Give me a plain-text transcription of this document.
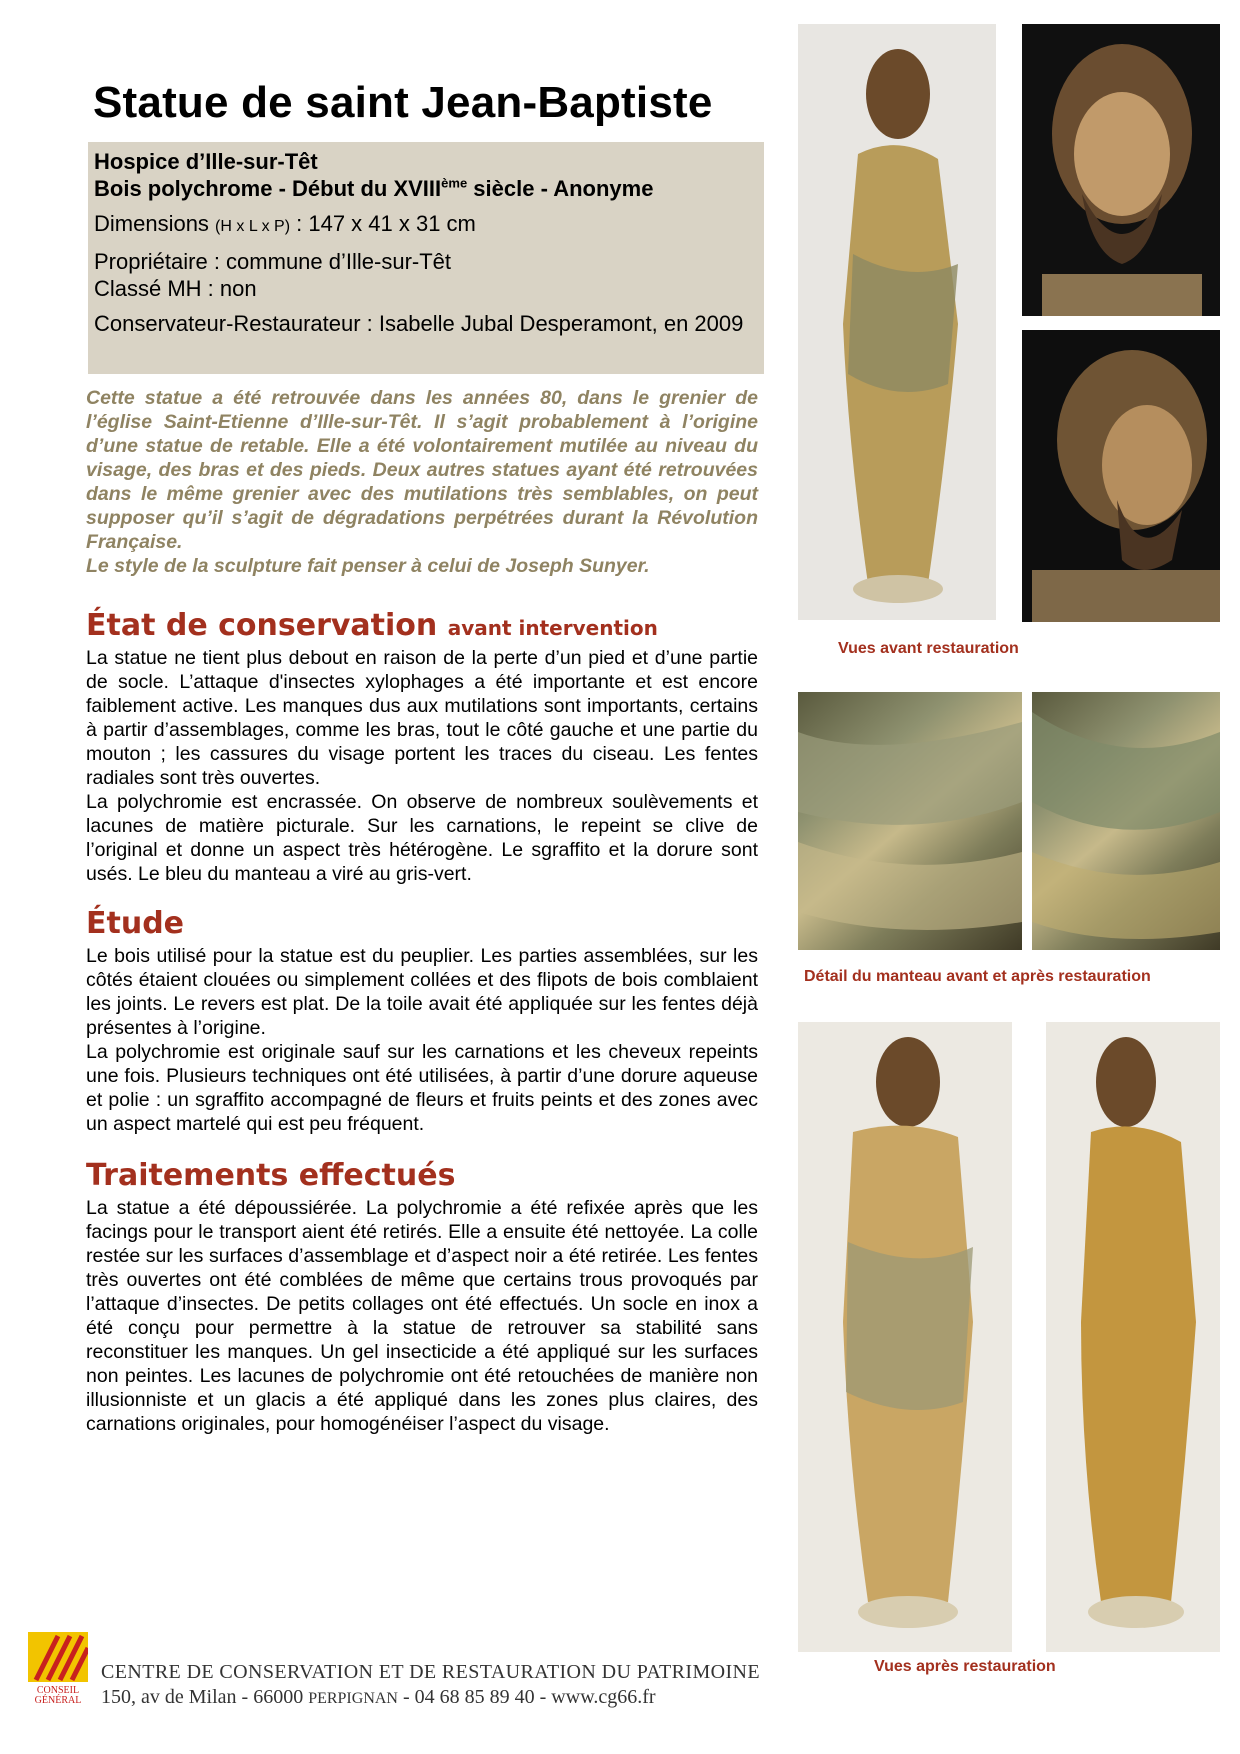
Statue de saint Jean-Baptiste

Hospice d’Ille-sur-Têt

Bois polychrome - Début du XVIIIème siècle - Anonyme

Dimensions (H x L x P) : 147 x 41 x 31 cm

Propriétaire : commune d’Ille-sur-Têt

Classé MH : non

Conservateur-Restaurateur : Isabelle Jubal Desperamont, en 2009

Cette statue a été retrouvée dans les années 80, dans le grenier de l’église Saint-Etienne d’Ille-sur-Têt. Il s’agit probablement à l’origine d’une statue de retable. Elle a été volontairement mutilée au niveau du visage, des bras et des pieds. Deux autres statues ayant été retrouvées dans le même grenier avec des mutilations très semblables, on peut supposer qu’il s’agit de dégradations perpétrées durant la Révolution Française.

Le style de la sculpture fait penser à celui de Joseph Sunyer.

État de conservation avant intervention

La statue ne tient plus debout en raison de la perte d’un pied et d’une partie de socle. L’attaque d'insectes xylophages a été importante et est encore faiblement active. Les manques dus aux mutilations sont importants, certains à partir d’assemblages, comme les bras, tout le côté gauche et une partie du mouton ; les cassures du visage portent les traces du ciseau. Les fentes radiales sont très ouvertes.

La polychromie est encrassée. On observe de nombreux soulèvements et lacunes de matière picturale. Sur les carnations, le repeint se clive de l’original et donne un aspect très hétérogène. Le sgraffito et la dorure sont usés. Le bleu du manteau a viré au gris-vert.

Étude

Le bois utilisé pour la statue est du peuplier. Les parties assemblées, sur les côtés étaient clouées ou simplement collées et des flipots de bois comblaient les joints. Le revers est plat. De la toile avait été appliquée sur les fentes déjà présentes à l’origine.

La polychromie est originale sauf sur les carnations et les cheveux repeints une fois. Plusieurs techniques ont été utilisées, à partir d’une dorure aqueuse et polie : un sgraffito accompagné de fleurs et fruits peints et des zones avec un aspect martelé qui est peu fréquent.

Traitements effectués

La statue a été dépoussiérée. La polychromie a été refixée après que les facings pour le transport aient été retirés. Elle a ensuite été nettoyée. La colle restée sur les surfaces d’assemblage et d’aspect noir a été retirée. Les fentes très ouvertes ont été comblées de même que certains trous provoqués par l’attaque d’insectes. De petits collages ont été effectués. Un socle en inox a été conçu pour permettre à la statue de retrouver sa stabilité sans reconstituer les manques. Un gel insecticide a été appliqué sur les surfaces non peintes. Les lacunes de polychromie ont été retouchées de manière non illusionniste et un glacis a été appliqué dans les zones plus claires, des carnations originales, pour homogénéiser l’aspect du visage.

Vues avant restauration
Détail du manteau avant et après restauration
Vues après restauration
CONSEIL
GÉNÉRAL
CENTRE DE CONSERVATION ET DE RESTAURATION DU PATRIMOINE
150, av de Milan - 66000 PERPIGNAN - 04 68 85 89 40 - www.cg66.fr
